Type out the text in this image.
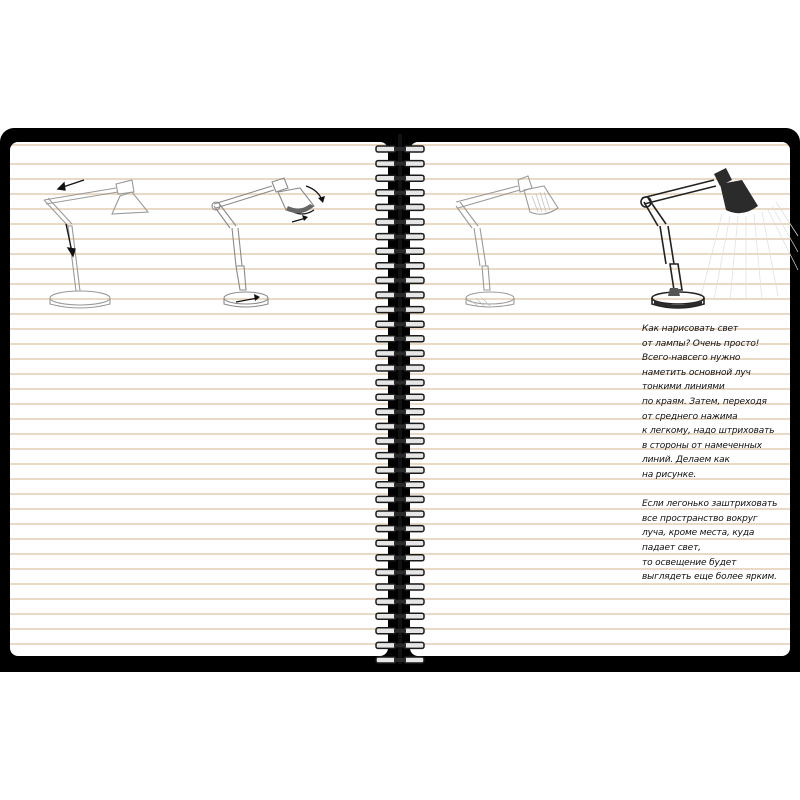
Как нарисовать свет

от лампы? Очень просто!

Всего-навсего нужно

наметить основной луч

тонкими линиями

по краям. Затем, переходя

от среднего нажима

к легкому, надо штриховать

в стороны от намеченных

линий. Делаем как

на рисунке.

Если легонько заштриховать

все пространство вокруг

луча, кроме места, куда

падает свет,

то освещение будет

выглядеть еще более ярким.
